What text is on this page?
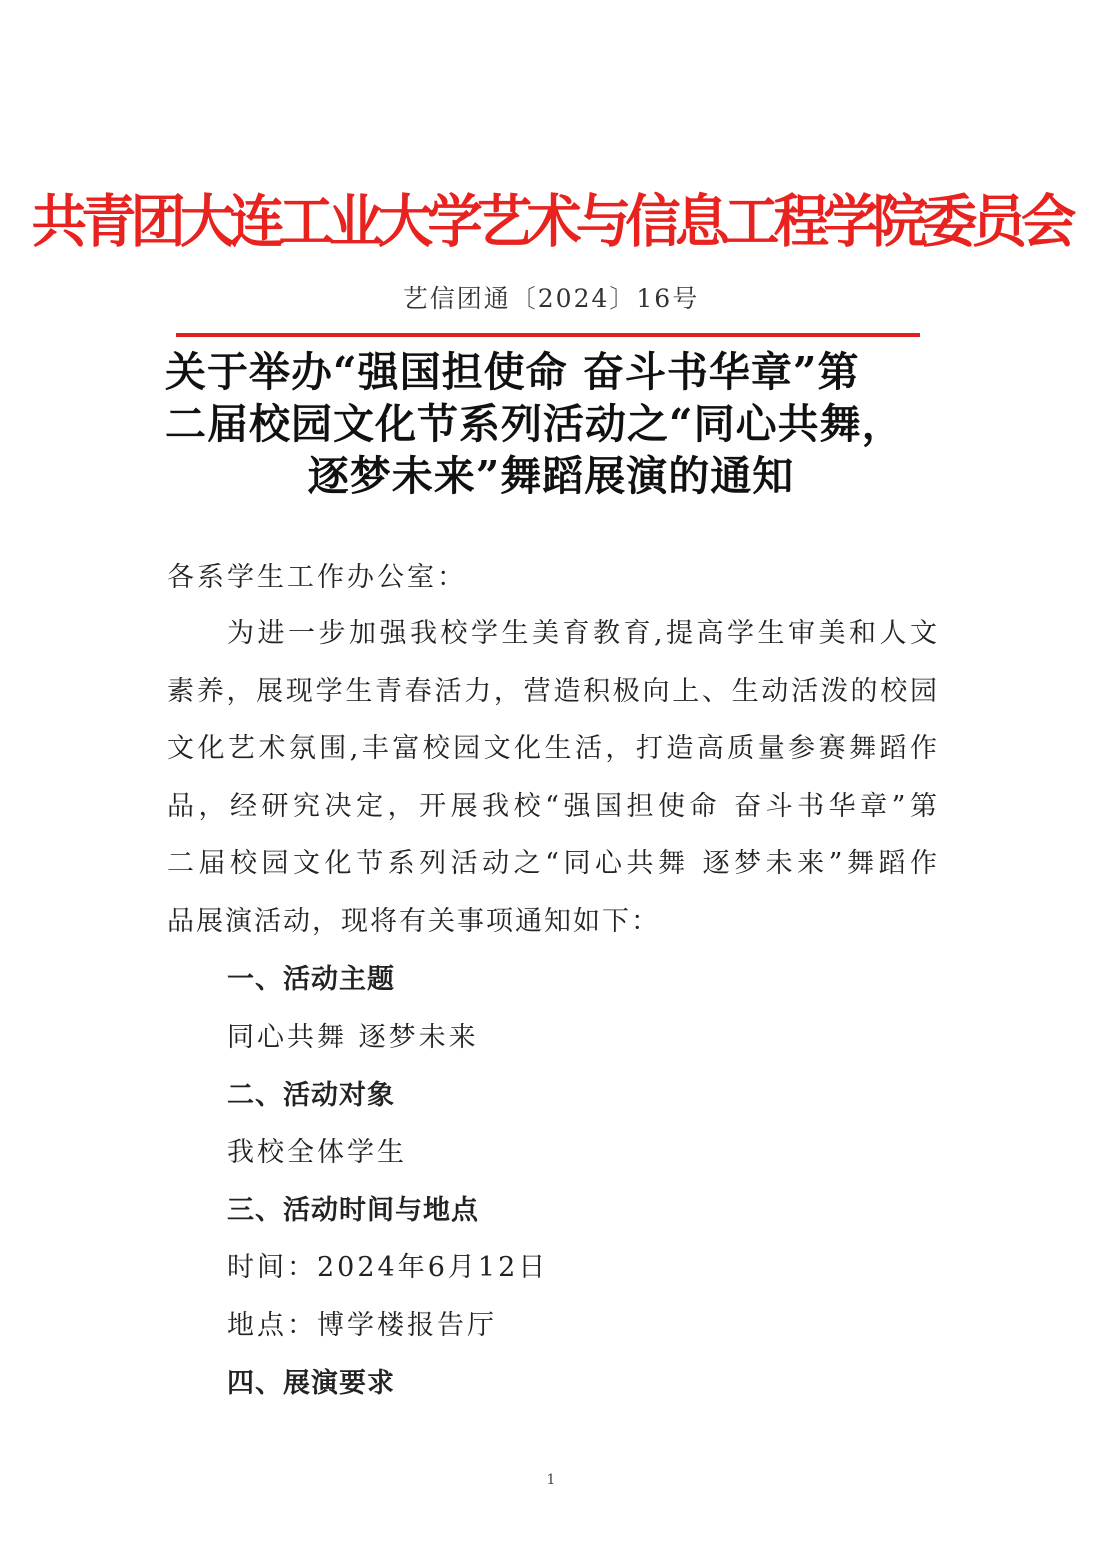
共青团大连工业大学艺术与信息工程学院委员会
艺信团通〔2024〕16号
关于举办“强国担使命 奋斗书华章”第
二届校园文化节系列活动之“同心共舞，
逐梦未来”舞蹈展演的通知
各系学生工作办公室：
为进一步加强我校学生美育教育,提高学生审美和人文
素养，展现学生青春活力，营造积极向上、生动活泼的校园
文化艺术氛围,丰富校园文化生活，打造高质量参赛舞蹈作
品，经研究决定，开展我校“强国担使命 奋斗书华章”第
二届校园文化节系列活动之“同心共舞 逐梦未来”舞蹈作
品展演活动，现将有关事项通知如下：
一、活动主题
同心共舞 逐梦未来
二、活动对象
我校全体学生
三、活动时间与地点
时间：2024年6月12日
地点：博学楼报告厅
四、展演要求
1
